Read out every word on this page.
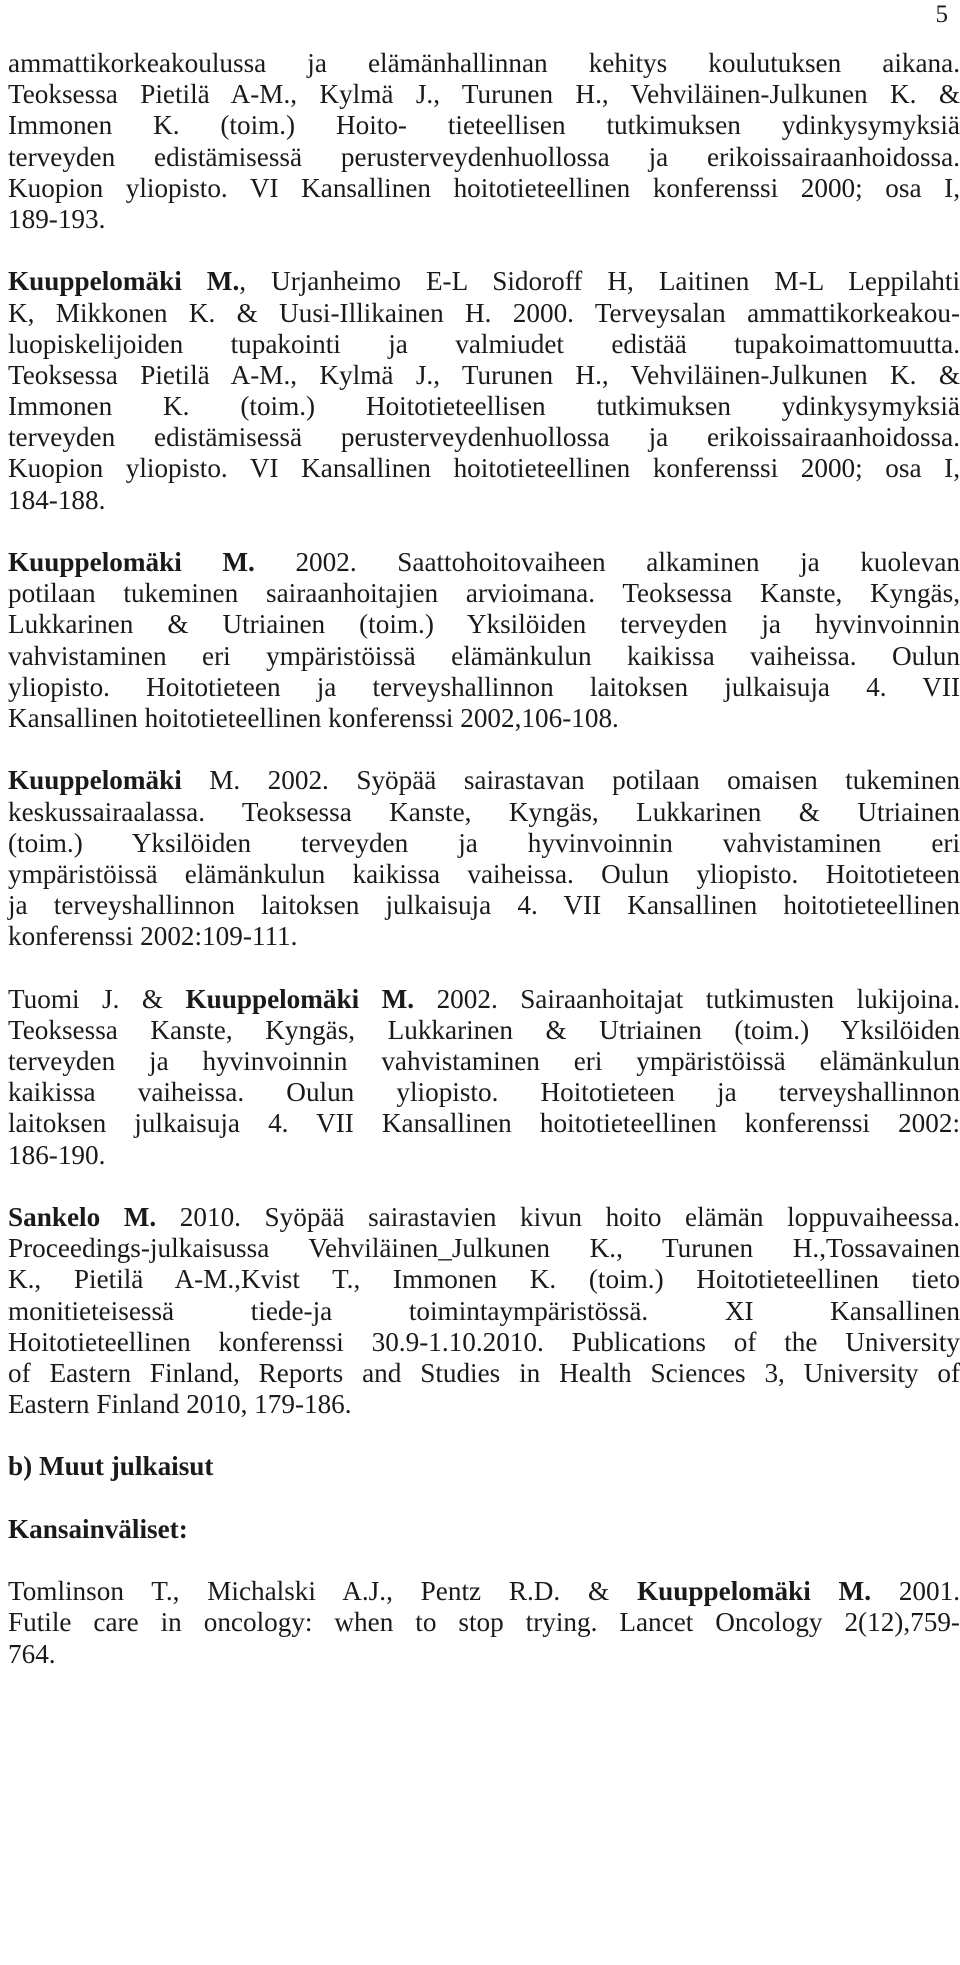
5
ammattikorkeakoulussa ja elämänhallinnan kehitys koulutuksen aikana.
Teoksessa Pietilä A-M., Kylmä J., Turunen H., Vehviläinen-Julkunen K. &
Immonen K. (toim.) Hoito- tieteellisen tutkimuksen ydinkysymyksiä
terveyden edistämisessä perusterveydenhuollossa ja erikoissairaanhoidossa.
Kuopion yliopisto. VI Kansallinen hoitotieteellinen konferenssi 2000; osa I,
189-193.
Kuuppelomäki M., Urjanheimo E-L Sidoroff H, Laitinen M-L Leppilahti
K, Mikkonen K. & Uusi-Illikainen H. 2000. Terveysalan ammattikorkeakou-
luopiskelijoiden tupakointi ja valmiudet edistää tupakoimattomuutta.
Teoksessa Pietilä A-M., Kylmä J., Turunen H., Vehviläinen-Julkunen K. &
Immonen K. (toim.) Hoitotieteellisen tutkimuksen ydinkysymyksiä
terveyden edistämisessä perusterveydenhuollossa ja erikoissairaanhoidossa.
Kuopion yliopisto. VI Kansallinen hoitotieteellinen konferenssi 2000; osa I,
184-188.
Kuuppelomäki M. 2002. Saattohoitovaiheen alkaminen ja kuolevan
potilaan tukeminen sairaanhoitajien arvioimana. Teoksessa Kanste, Kyngäs,
Lukkarinen & Utriainen (toim.) Yksilöiden terveyden ja hyvinvoinnin
vahvistaminen eri ympäristöissä elämänkulun kaikissa vaiheissa. Oulun
yliopisto. Hoitotieteen ja terveyshallinnon laitoksen julkaisuja 4. VII
Kansallinen hoitotieteellinen konferenssi 2002,106-108.
Kuuppelomäki M. 2002. Syöpää sairastavan potilaan omaisen tukeminen
keskussairaalassa. Teoksessa Kanste, Kyngäs, Lukkarinen & Utriainen
(toim.) Yksilöiden terveyden ja hyvinvoinnin vahvistaminen eri
ympäristöissä elämänkulun kaikissa vaiheissa. Oulun yliopisto. Hoitotieteen
ja terveyshallinnon laitoksen julkaisuja 4. VII Kansallinen hoitotieteellinen
konferenssi 2002:109-111.
Tuomi J. & Kuuppelomäki M. 2002. Sairaanhoitajat tutkimusten lukijoina.
Teoksessa Kanste, Kyngäs, Lukkarinen & Utriainen (toim.) Yksilöiden
terveyden ja hyvinvoinnin vahvistaminen eri ympäristöissä elämänkulun
kaikissa vaiheissa. Oulun yliopisto. Hoitotieteen ja terveyshallinnon
laitoksen julkaisuja 4. VII Kansallinen hoitotieteellinen konferenssi 2002:
186-190.
Sankelo M. 2010. Syöpää sairastavien kivun hoito elämän loppuvaiheessa.
Proceedings-julkaisussa Vehviläinen_Julkunen K., Turunen H.,Tossavainen
K., Pietilä A-M.,Kvist T., Immonen K. (toim.) Hoitotieteellinen tieto
monitieteisessä tiede-ja toimintaympäristössä. XI Kansallinen
Hoitotieteellinen konferenssi 30.9-1.10.2010. Publications of the University
of Eastern Finland, Reports and Studies in Health Sciences 3, University of
Eastern Finland 2010, 179-186.
b) Muut julkaisut
Kansainväliset:
Tomlinson T., Michalski A.J., Pentz R.D. & Kuuppelomäki M. 2001.
Futile care in oncology: when to stop trying. Lancet Oncology 2(12),759-
764.
